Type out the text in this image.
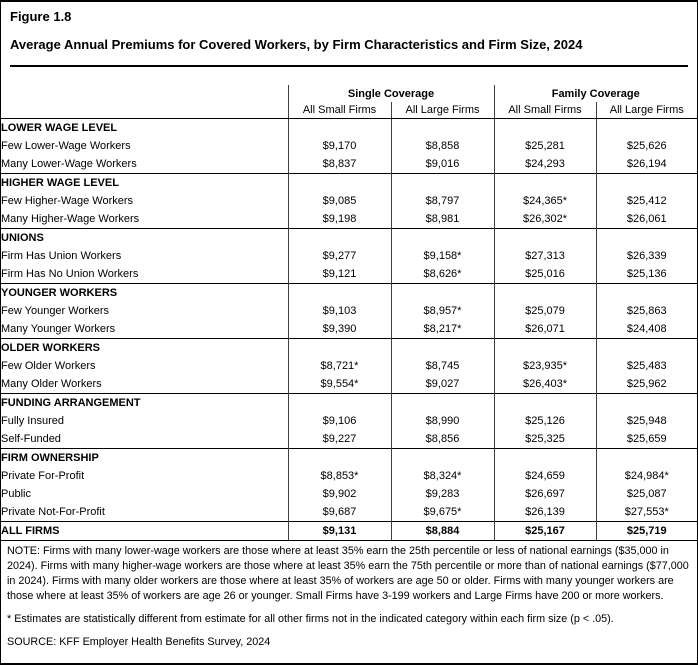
Figure 1.8
Average Annual Premiums for Covered Workers, by Firm Characteristics and Firm Size, 2024

	Single Coverage		Family Coverage	
	All Small Firms	All Large Firms	All Small Firms	All Large Firms
LOWER WAGE LEVEL				
Few Lower-Wage Workers	$9,170	$8,858	$25,281	$25,626
Many Lower-Wage Workers	$8,837	$9,016	$24,293	$26,194
HIGHER WAGE LEVEL				
Few Higher-Wage Workers	$9,085	$8,797	$24,365*	$25,412
Many Higher-Wage Workers	$9,198	$8,981	$26,302*	$26,061
UNIONS				
Firm Has Union Workers	$9,277	$9,158*	$27,313	$26,339
Firm Has No Union Workers	$9,121	$8,626*	$25,016	$25,136
YOUNGER WORKERS				
Few Younger Workers	$9,103	$8,957*	$25,079	$25,863
Many Younger Workers	$9,390	$8,217*	$26,071	$24,408
OLDER WORKERS				
Few Older Workers	$8,721*	$8,745	$23,935*	$25,483
Many Older Workers	$9,554*	$9,027	$26,403*	$25,962
FUNDING ARRANGEMENT				
Fully Insured	$9,106	$8,990	$25,126	$25,948
Self-Funded	$9,227	$8,856	$25,325	$25,659
FIRM OWNERSHIP				
Private For-Profit	$8,853*	$8,324*	$24,659	$24,984*
Public	$9,902	$9,283	$26,697	$25,087
Private Not-For-Profit	$9,687	$9,675*	$26,139	$27,553*
ALL FIRMS	$9,131	$8,884	$25,167	$25,719

NOTE: Firms with many lower-wage workers are those where at least 35% earn the 25th percentile or less of national earnings ($35,000 in 2024). Firms with many higher-wage workers are those where at least 35% earn the 75th percentile or more than of national earnings ($77,000 in 2024). Firms with many older workers are those where at least 35% of workers are age 50 or older. Firms with many younger workers are those where at least 35% of workers are age 26 or younger. Small Firms have 3-199 workers and Large Firms have 200 or more workers.

* Estimates are statistically different from estimate for all other firms not in the indicated category within each firm size (p < .05).

SOURCE: KFF Employer Health Benefits Survey, 2024
